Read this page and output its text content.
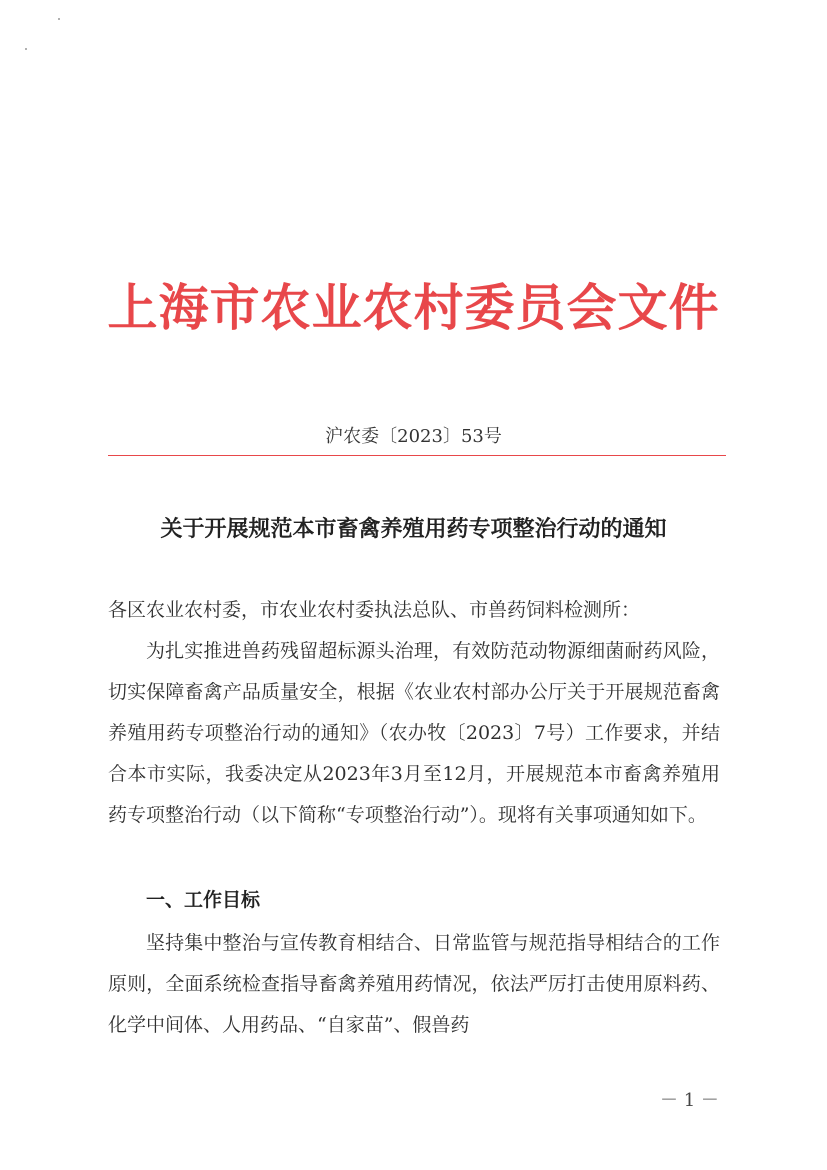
上海市农业农村委员会文件
沪农委〔2023〕53号
关于开展规范本市畜禽养殖用药专项整治行动的通知
各区农业农村委，市农业农村委执法总队、市兽药饲料检测所：
为扎实推进兽药残留超标源头治理，有效防范动物源细菌耐药风险，切实保障畜禽产品质量安全，根据《农业农村部办公厅关于开展规范畜禽养殖用药专项整治行动的通知》（农办牧〔2023〕7号）工作要求，并结合本市实际，我委决定从2023年3月至12月，开展规范本市畜禽养殖用药专项整治行动（以下简称“专项整治行动”）。现将有关事项通知如下。
一、工作目标
坚持集中整治与宣传教育相结合、日常监管与规范指导相结合的工作原则，全面系统检查指导畜禽养殖用药情况，依法严厉打击使用原料药、化学中间体、人用药品、“自家苗”、假兽药
－ 1 －
